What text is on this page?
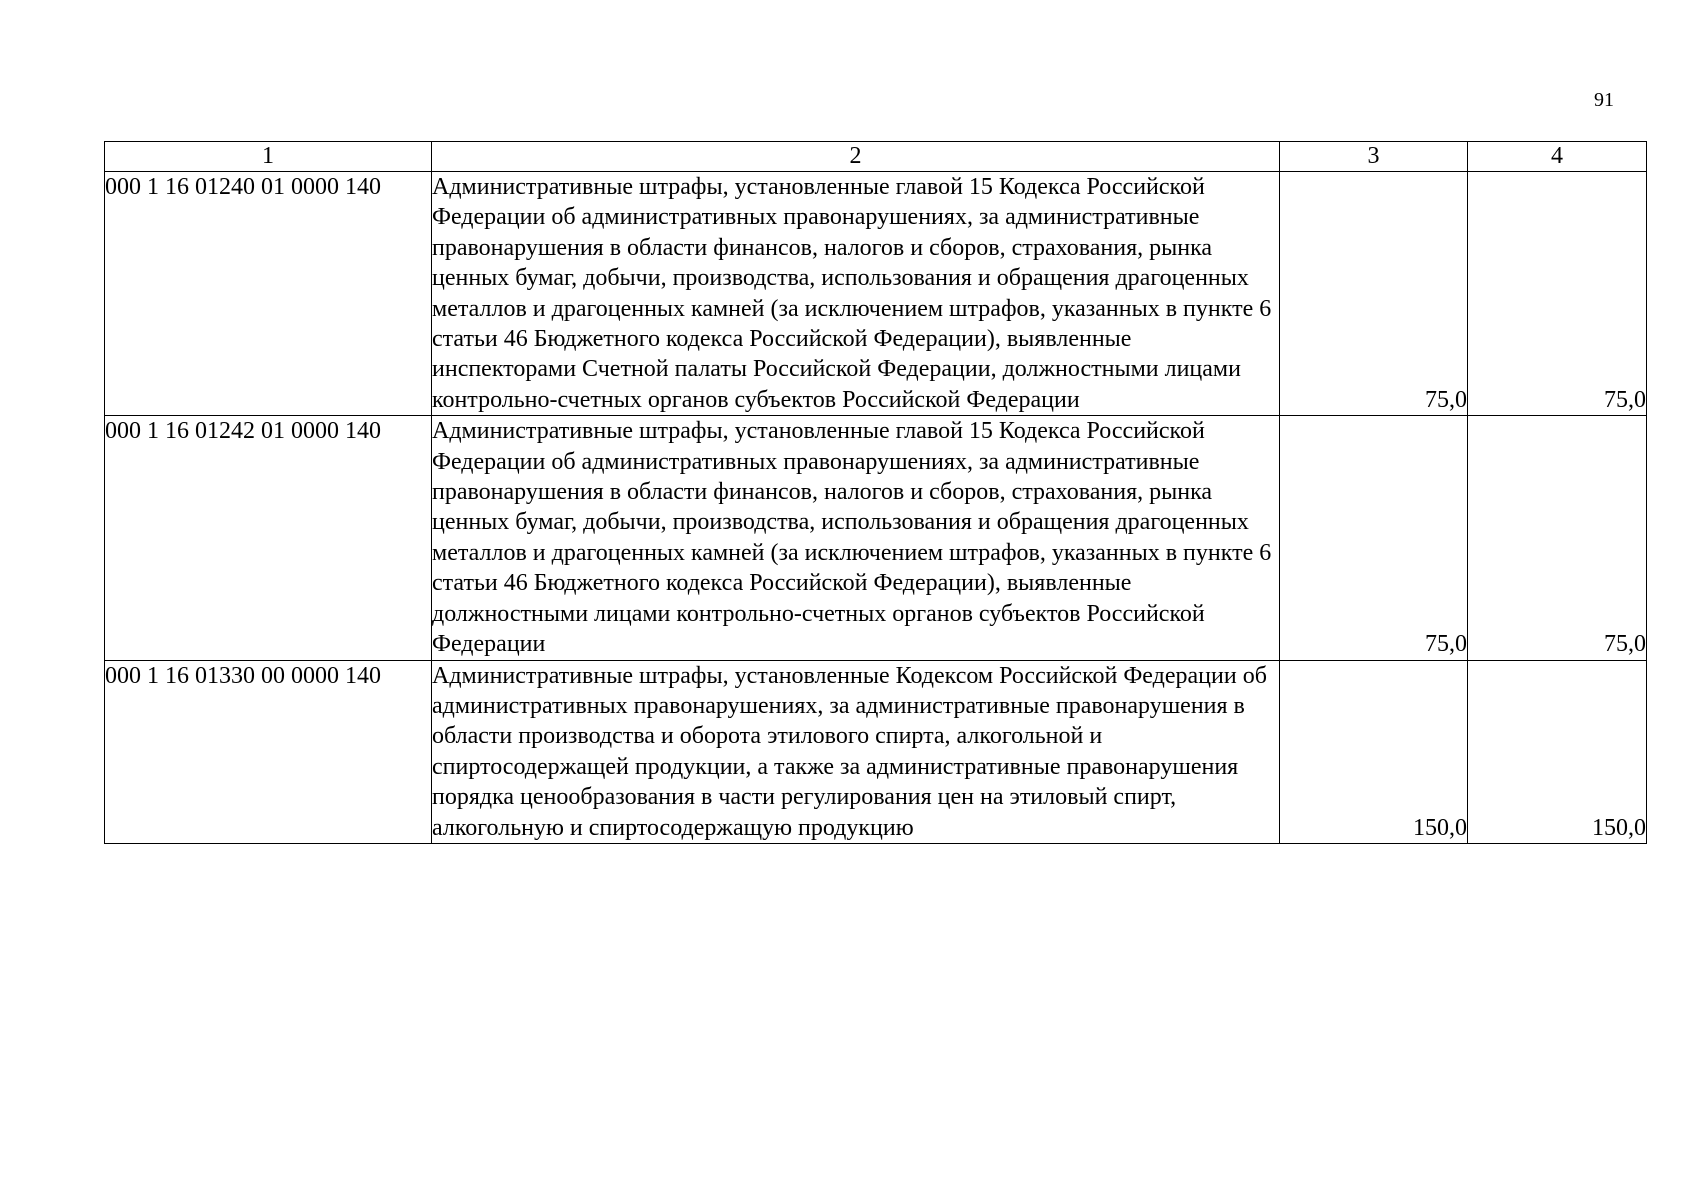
91
1	2	3	4
000 1 16 01240 01 0000 140	Административные штрафы, установленные главой 15 Кодекса Российской Федерации об административных правонарушениях, за административные правонарушения в области финансов, налогов и сборов, страхования, рынка ценных бумаг, добычи, производства, использования и обращения драгоценных металлов и драгоценных камней (за исключением штрафов, указанных в пункте 6 статьи 46 Бюджетного кодекса Российской Федерации), выявленные инспекторами Счетной палаты Российской Федерации, должностными лицами контрольно-счетных органов субъектов Российской Федерации	75,0	75,0
000 1 16 01242 01 0000 140	Административные штрафы, установленные главой 15 Кодекса Российской Федерации об административных правонарушениях, за административные правонарушения в области финансов, налогов и сборов, страхования, рынка ценных бумаг, добычи, производства, использования и обращения драгоценных металлов и драгоценных камней (за исключением штрафов, указанных в пункте 6 статьи 46 Бюджетного кодекса Российской Федерации), выявленные должностными лицами контрольно-счетных органов субъектов Российской Федерации	75,0	75,0
000 1 16 01330 00 0000 140	Административные штрафы, установленные Кодексом Российской Федерации об административных правонарушениях, за административные правонарушения в области производства и оборота этилового спирта, алкогольной и спиртосодержащей продукции, а также за административные правонарушения порядка ценообразования в части регулирования цен на этиловый спирт, алкогольную и спиртосодержащую продукцию	150,0	150,0
